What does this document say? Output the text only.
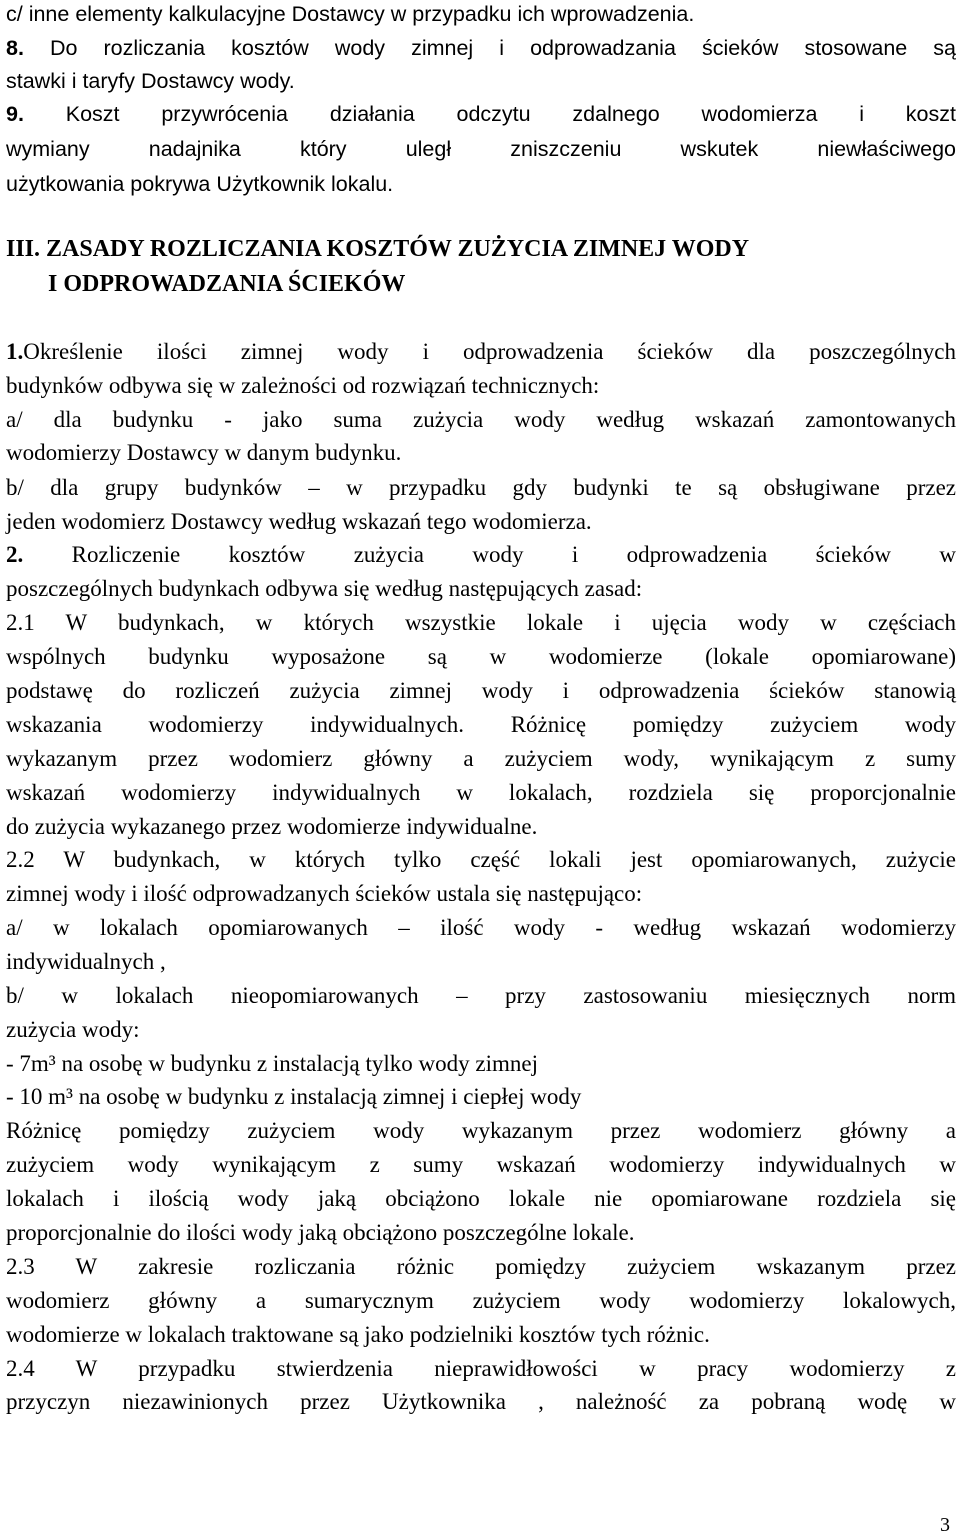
c/ inne elementy kalkulacyjne Dostawcy w przypadku ich wprowadzenia.
8. Do rozliczania kosztów wody zimnej i odprowadzania ścieków stosowane są
stawki i taryfy Dostawcy wody.
9. Koszt przywrócenia działania odczytu zdalnego wodomierza i koszt
wymiany nadajnika który uległ zniszczeniu wskutek niewłaściwego
użytkowania pokrywa Użytkownik lokalu.
III. ZASADY ROZLICZANIA KOSZTÓW ZUŻYCIA ZIMNEJ WODY
I ODPROWADZANIA ŚCIEKÓW
1.Określenie ilości zimnej wody i odprowadzenia ścieków dla poszczególnych
budynków odbywa się w zależności od rozwiązań technicznych:
a/ dla budynku - jako suma zużycia wody według wskazań zamontowanych
wodomierzy Dostawcy w danym budynku.
b/ dla grupy budynków – w przypadku gdy budynki te są obsługiwane przez
jeden wodomierz Dostawcy według wskazań tego wodomierza.
2. Rozliczenie kosztów zużycia wody i odprowadzenia ścieków w
poszczególnych budynkach odbywa się według następujących zasad:
2.1 W budynkach, w których wszystkie lokale i ujęcia wody w częściach
wspólnych budynku wyposażone są w wodomierze (lokale opomiarowane)
podstawę do rozliczeń zużycia zimnej wody i odprowadzenia ścieków stanowią
wskazania wodomierzy indywidualnych. Różnicę pomiędzy zużyciem wody
wykazanym przez wodomierz główny a zużyciem wody, wynikającym z sumy
wskazań wodomierzy indywidualnych w lokalach, rozdziela się proporcjonalnie
do zużycia wykazanego przez wodomierze indywidualne.
2.2 W budynkach, w których tylko część lokali jest opomiarowanych, zużycie
zimnej wody i ilość odprowadzanych ścieków ustala się następująco:
a/ w lokalach opomiarowanych – ilość wody - według wskazań wodomierzy
indywidualnych ,
b/ w lokalach nieopomiarowanych – przy zastosowaniu miesięcznych norm
zużycia wody:
- 7m³ na osobę w budynku z instalacją tylko wody zimnej
- 10 m³ na osobę w budynku z instalacją zimnej i ciepłej wody
Różnicę pomiędzy zużyciem wody wykazanym przez wodomierz główny a
zużyciem wody wynikającym z sumy wskazań wodomierzy indywidualnych w
lokalach i ilością wody jaką obciążono lokale nie opomiarowane rozdziela się
proporcjonalnie do ilości wody jaką obciążono poszczególne lokale.
2.3 W zakresie rozliczania różnic pomiędzy zużyciem wskazanym przez
wodomierz główny a sumarycznym zużyciem wody wodomierzy lokalowych,
wodomierze w lokalach traktowane są jako podzielniki kosztów tych różnic.
2.4 W przypadku stwierdzenia nieprawidłowości w pracy wodomierzy z
przyczyn niezawinionych przez Użytkownika , należność za pobraną wodę w
3
